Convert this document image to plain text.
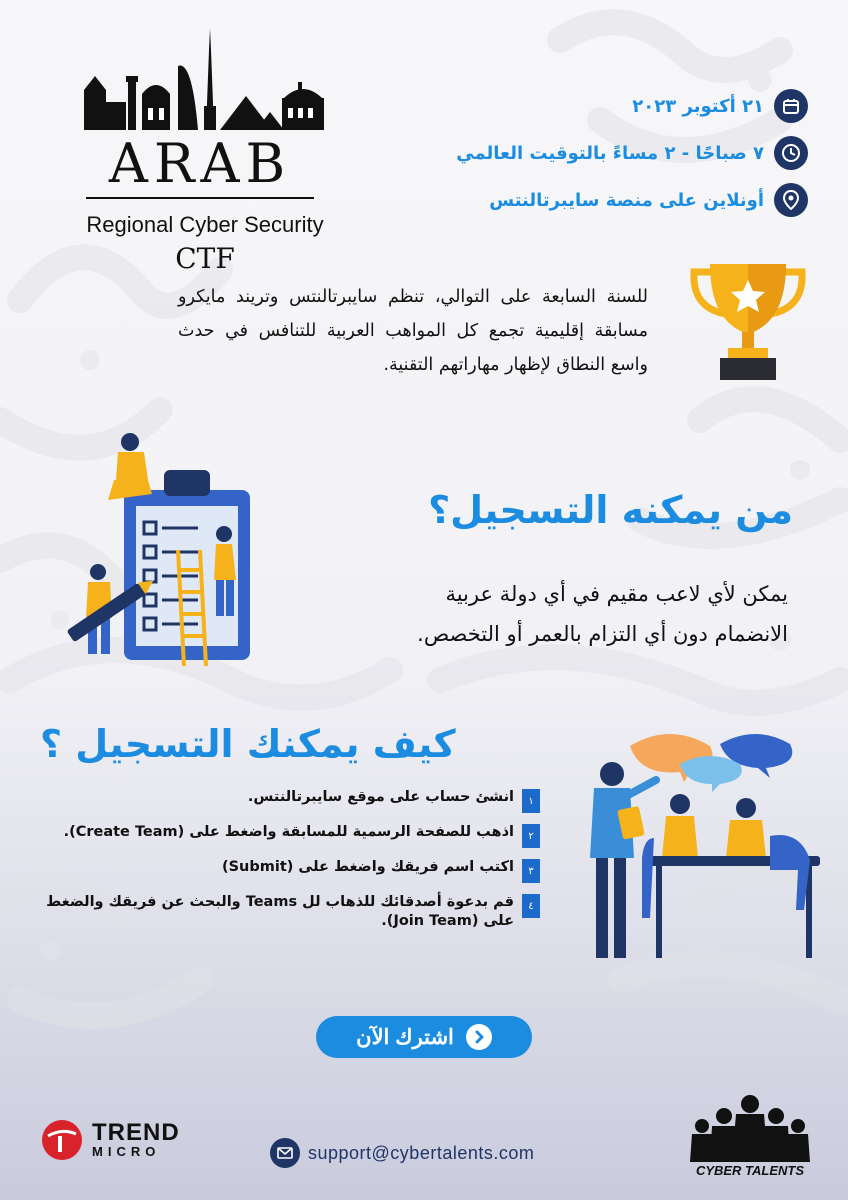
ARAB
Regional Cyber Security
CTF
٢١ أكتوبر ٢٠٢٣
٧ صباحًا - ٢ مساءً بالتوقيت العالمي
أونلاين على منصة سايبرتالنتس
للسنة السابعة على التوالي، تنظم سايبرتالنتس وتريند مايكرو مسابقة إقليمية تجمع كل المواهب العربية للتنافس في حدث واسع النطاق لإظهار مهاراتهم التقنية.
من يمكنه التسجيل؟
يمكن لأي لاعب مقيم في أي دولة عربية الانضمام دون أي التزام بالعمر أو التخصص.
كيف يمكنك التسجيل ؟
١
انشئ حساب على موقع سايبرتالنتس.
٢
اذهب للصفحة الرسمية للمسابقة واضغط على (Create Team).
٣
اكتب اسم فريقك واضغط على (Submit)
٤
قم بدعوة أصدقائك للذهاب لل Teams والبحث عن فريقك والضغط على (Join Team).
اشترك الآن
TREND
MICRO	support@cybertalents.com
CYBER TALENTS
